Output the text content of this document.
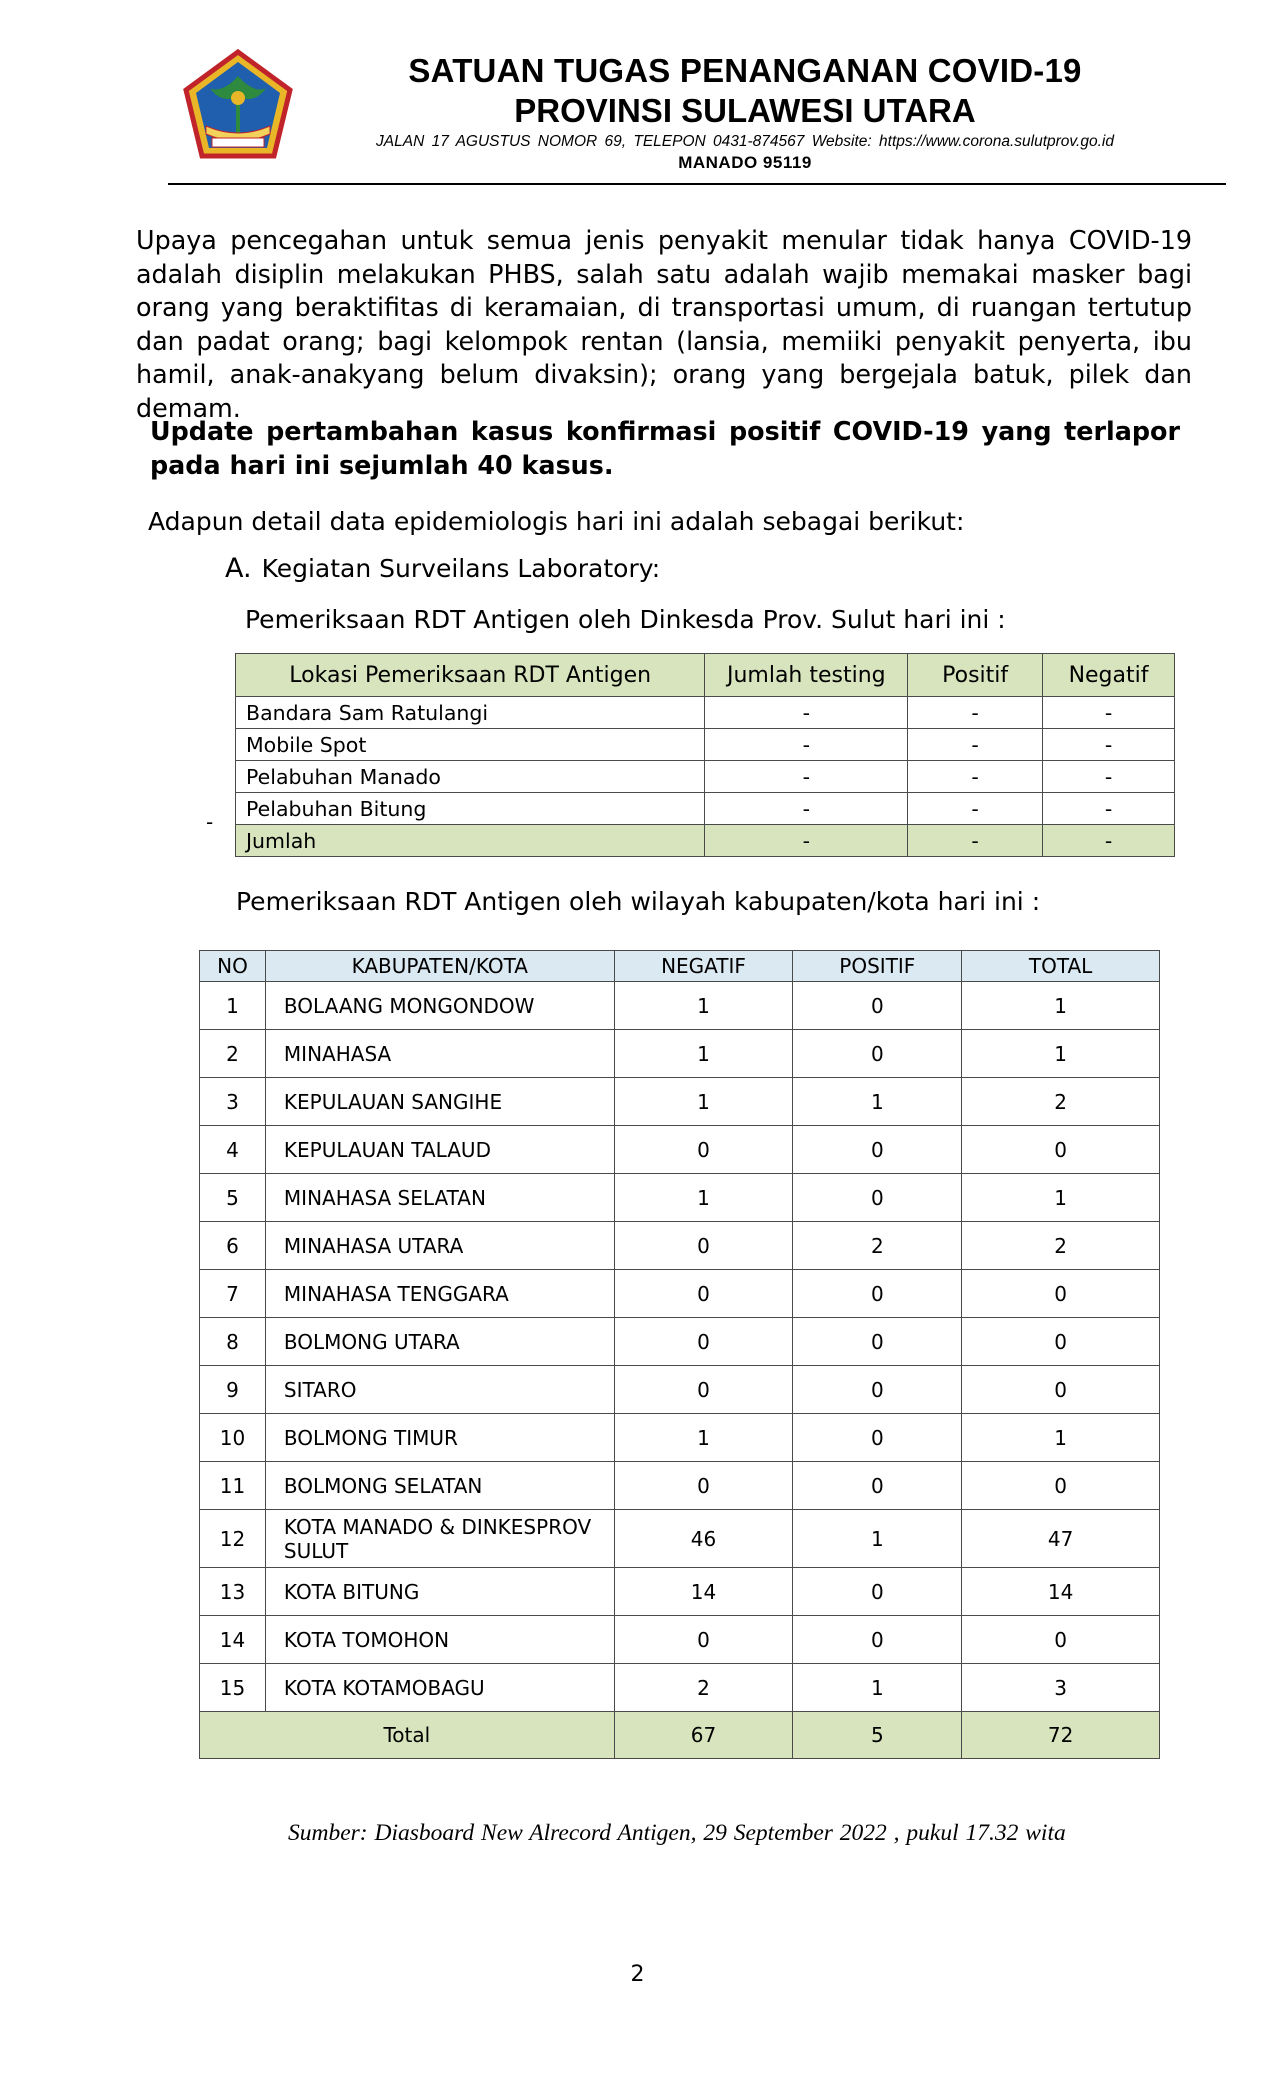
SATUAN TUGAS PENANGANAN COVID-19
PROVINSI SULAWESI UTARA
JALAN 17 AGUSTUS NOMOR 69, TELEPON 0431-874567 Website: https://www.corona.sulutprov.go.id
MANADO 95119
Upaya pencegahan untuk semua jenis penyakit menular tidak hanya COVID-19 adalah disiplin melakukan PHBS, salah satu adalah wajib memakai masker bagi orang yang beraktifitas di keramaian, di transportasi umum, di ruangan tertutup dan padat orang; bagi kelompok rentan (lansia, memiiki penyakit penyerta, ibu hamil, anak-anakyang belum divaksin); orang yang bergejala batuk, pilek dan demam.
Update pertambahan kasus konfirmasi positif COVID-19 yang terlapor pada hari ini sejumlah 40 kasus.
Adapun detail data epidemiologis hari ini adalah sebagai berikut:
A. Kegiatan Surveilans Laboratory:
Pemeriksaan RDT Antigen oleh Dinkesda Prov. Sulut hari ini :
-
Lokasi Pemeriksaan RDT Antigen	Jumlah testing	Positif	Negatif
Bandara Sam Ratulangi	-	-	-
Mobile Spot	-	-	-
Pelabuhan Manado	-	-	-
Pelabuhan Bitung	-	-	-
Jumlah	-	-	-
Pemeriksaan RDT Antigen oleh wilayah kabupaten/kota hari ini :
NO	KABUPATEN/KOTA	NEGATIF	POSITIF	TOTAL
1	BOLAANG MONGONDOW	1	0	1
2	MINAHASA	1	0	1
3	KEPULAUAN SANGIHE	1	1	2
4	KEPULAUAN TALAUD	0	0	0
5	MINAHASA SELATAN	1	0	1
6	MINAHASA UTARA	0	2	2
7	MINAHASA TENGGARA	0	0	0
8	BOLMONG UTARA	0	0	0
9	SITARO	0	0	0
10	BOLMONG TIMUR	1	0	1
11	BOLMONG SELATAN	0	0	0
12	KOTA MANADO & DINKESPROV SULUT	46	1	47
13	KOTA BITUNG	14	0	14
14	KOTA TOMOHON	0	0	0
15	KOTA KOTAMOBAGU	2	1	3
Total		67	5	72
Sumber: Diasboard New Alrecord Antigen, 29 September 2022 , pukul 17.32 wita
2
